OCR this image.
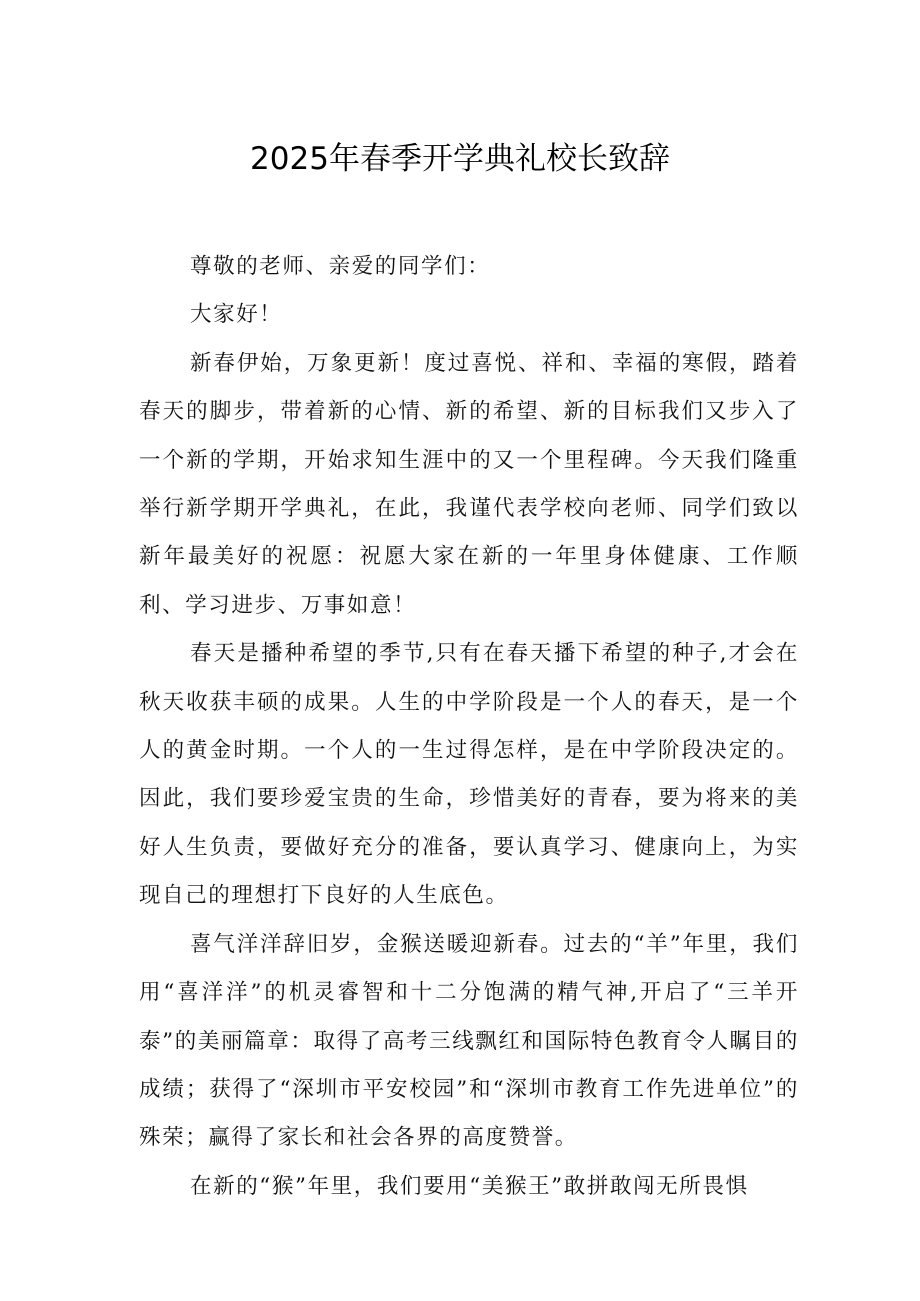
2025年春季开学典礼校长致辞

尊敬的老师、亲爱的同学们：

大家好！

新春伊始，万象更新！度过喜悦、祥和、幸福的寒假，踏着春天的脚步，带着新的心情、新的希望、新的目标我们又步入了一个新的学期，开始求知生涯中的又一个里程碑。今天我们隆重举行新学期开学典礼，在此，我谨代表学校向老师、同学们致以新年最美好的祝愿：祝愿大家在新的一年里身体健康、工作顺利、学习进步、万事如意！

春天是播种希望的季节,只有在春天播下希望的种子,才会在秋天收获丰硕的成果。人生的中学阶段是一个人的春天，是一个人的黄金时期。一个人的一生过得怎样，是在中学阶段决定的。因此，我们要珍爱宝贵的生命，珍惜美好的青春，要为将来的美好人生负责，要做好充分的准备，要认真学习、健康向上，为实现自己的理想打下良好的人生底色。

喜气洋洋辞旧岁，金猴送暖迎新春。过去的“羊”年里，我们用“喜洋洋”的机灵睿智和十二分饱满的精气神,开启了“三羊开泰”的美丽篇章：取得了高考三线飘红和国际特色教育令人瞩目的成绩；获得了“深圳市平安校园”和“深圳市教育工作先进单位”的殊荣；赢得了家长和社会各界的高度赞誉。

在新的“猴”年里，我们要用“美猴王”敢拼敢闯无所畏惧
